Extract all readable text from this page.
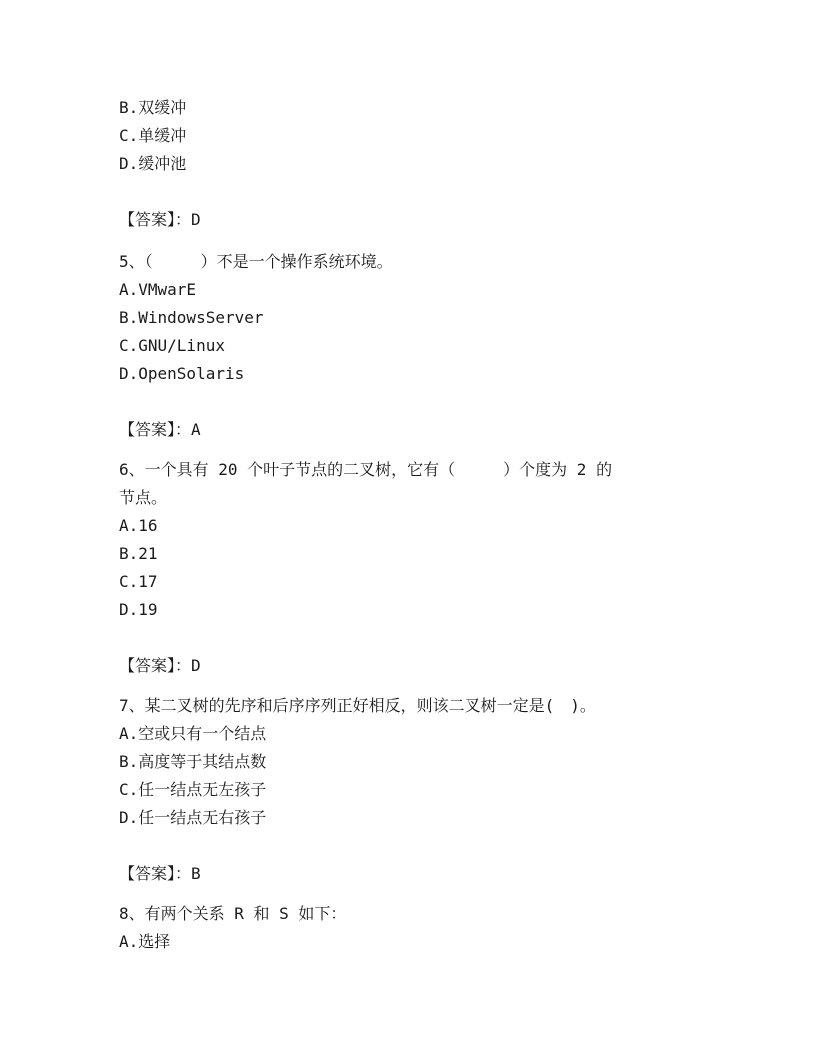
B.双缓冲

C.单缓冲

D.缓冲池

【答案】：D

5、（　　　）不是一个操作系统环境。

A.VMwarE

B.WindowsServer

C.GNU/Linux

D.OpenSolaris

【答案】：A

6、一个具有 20 个叶子节点的二叉树，它有（　　　）个度为 2 的

节点。

A.16

B.21

C.17

D.19

【答案】：D

7、某二叉树的先序和后序序列正好相反，则该二叉树一定是(　)。

A.空或只有一个结点

B.高度等于其结点数

C.任一结点无左孩子

D.任一结点无右孩子

【答案】：B

8、有两个关系 R 和 S 如下：

A.选择
